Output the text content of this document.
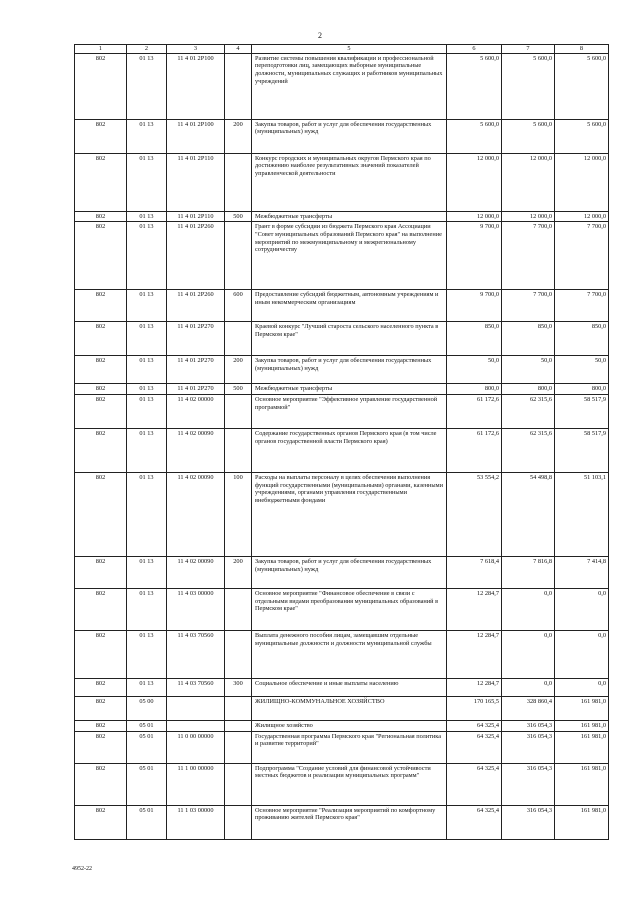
2
1	2	3	4	5	6	7	8
802	01 13	11 4 01 2P100		Развитие системы повышения квалификации и профессиональной переподготовки лиц, замещающих выборные муниципальные должности, муниципальных служащих и работников муниципальных учреждений	5 600,0	5 600,0	5 600,0
802	01 13	11 4 01 2P100	200	Закупка товаров, работ и услуг для обеспечения государственных (муниципальных) нужд	5 600,0	5 600,0	5 600,0
802	01 13	11 4 01 2P110		Конкурс городских и муниципальных округов Пермского края по достижению наиболее результативных значений показателей управленческой деятельности	12 000,0	12 000,0	12 000,0
802	01 13	11 4 01 2P110	500	Межбюджетные трансферты	12 000,0	12 000,0	12 000,0
802	01 13	11 4 01 2P260		Грант в форме субсидии из бюджета Пермского края Ассоциации "Совет муниципальных образований Пермского края" на выполнение мероприятий по межмуниципальному и межрегиональному сотрудничеству	9 700,0	7 700,0	7 700,0
802	01 13	11 4 01 2P260	600	Предоставление субсидий бюджетным, автономным учреждениям и иным некоммерческим организациям	9 700,0	7 700,0	7 700,0
802	01 13	11 4 01 2P270		Краевой конкурс "Лучший староста сельского населенного пункта в Пермском крае"	850,0	850,0	850,0
802	01 13	11 4 01 2P270	200	Закупка товаров, работ и услуг для обеспечения государственных (муниципальных) нужд	50,0	50,0	50,0
802	01 13	11 4 01 2P270	500	Межбюджетные трансферты	800,0	800,0	800,0
802	01 13	11 4 02 00000		Основное мероприятие "Эффективное управление государственной программой"	61 172,6	62 315,6	58 517,9
802	01 13	11 4 02 00090		Содержание государственных органов Пермского края (в том числе органов государственной власти Пермского края)	61 172,6	62 315,6	58 517,9
802	01 13	11 4 02 00090	100	Расходы на выплаты персоналу в целях обеспечения выполнения функций государственными (муниципальными) органами, казенными учреждениями, органами управления государственными внебюджетными фондами	53 554,2	54 498,8	51 103,1
802	01 13	11 4 02 00090	200	Закупка товаров, работ и услуг для обеспечения государственных (муниципальных) нужд	7 618,4	7 816,8	7 414,8
802	01 13	11 4 03 00000		Основное мероприятие "Финансовое обеспечение в связи с отдельными видами преобразования муниципальных образований в Пермском крае"	12 284,7	0,0	0,0
802	01 13	11 4 03 70560		Выплата денежного пособия лицам, замещавшим отдельные муниципальные должности и должности муниципальной службы	12 284,7	0,0	0,0
802	01 13	11 4 03 70560	300	Социальное обеспечение и иные выплаты населению	12 284,7	0,0	0,0
802	05 00			ЖИЛИЩНО-КОММУНАЛЬНОЕ ХОЗЯЙСТВО	170 165,5	328 860,4	161 981,0
802	05 01			Жилищное хозяйство	64 325,4	316 054,3	161 981,0
802	05 01	11 0 00 00000		Государственная программа Пермского края "Региональная политика и развитие территорий"	64 325,4	316 054,3	161 981,0
802	05 01	11 1 00 00000		Подпрограмма "Создание условий для финансовой устойчивости местных бюджетов и реализации муниципальных программ"	64 325,4	316 054,3	161 981,0
802	05 01	11 1 03 00000		Основное мероприятие "Реализация мероприятий по комфортному проживанию жителей Пермского края"	64 325,4	316 054,3	161 981,0
4952-22
